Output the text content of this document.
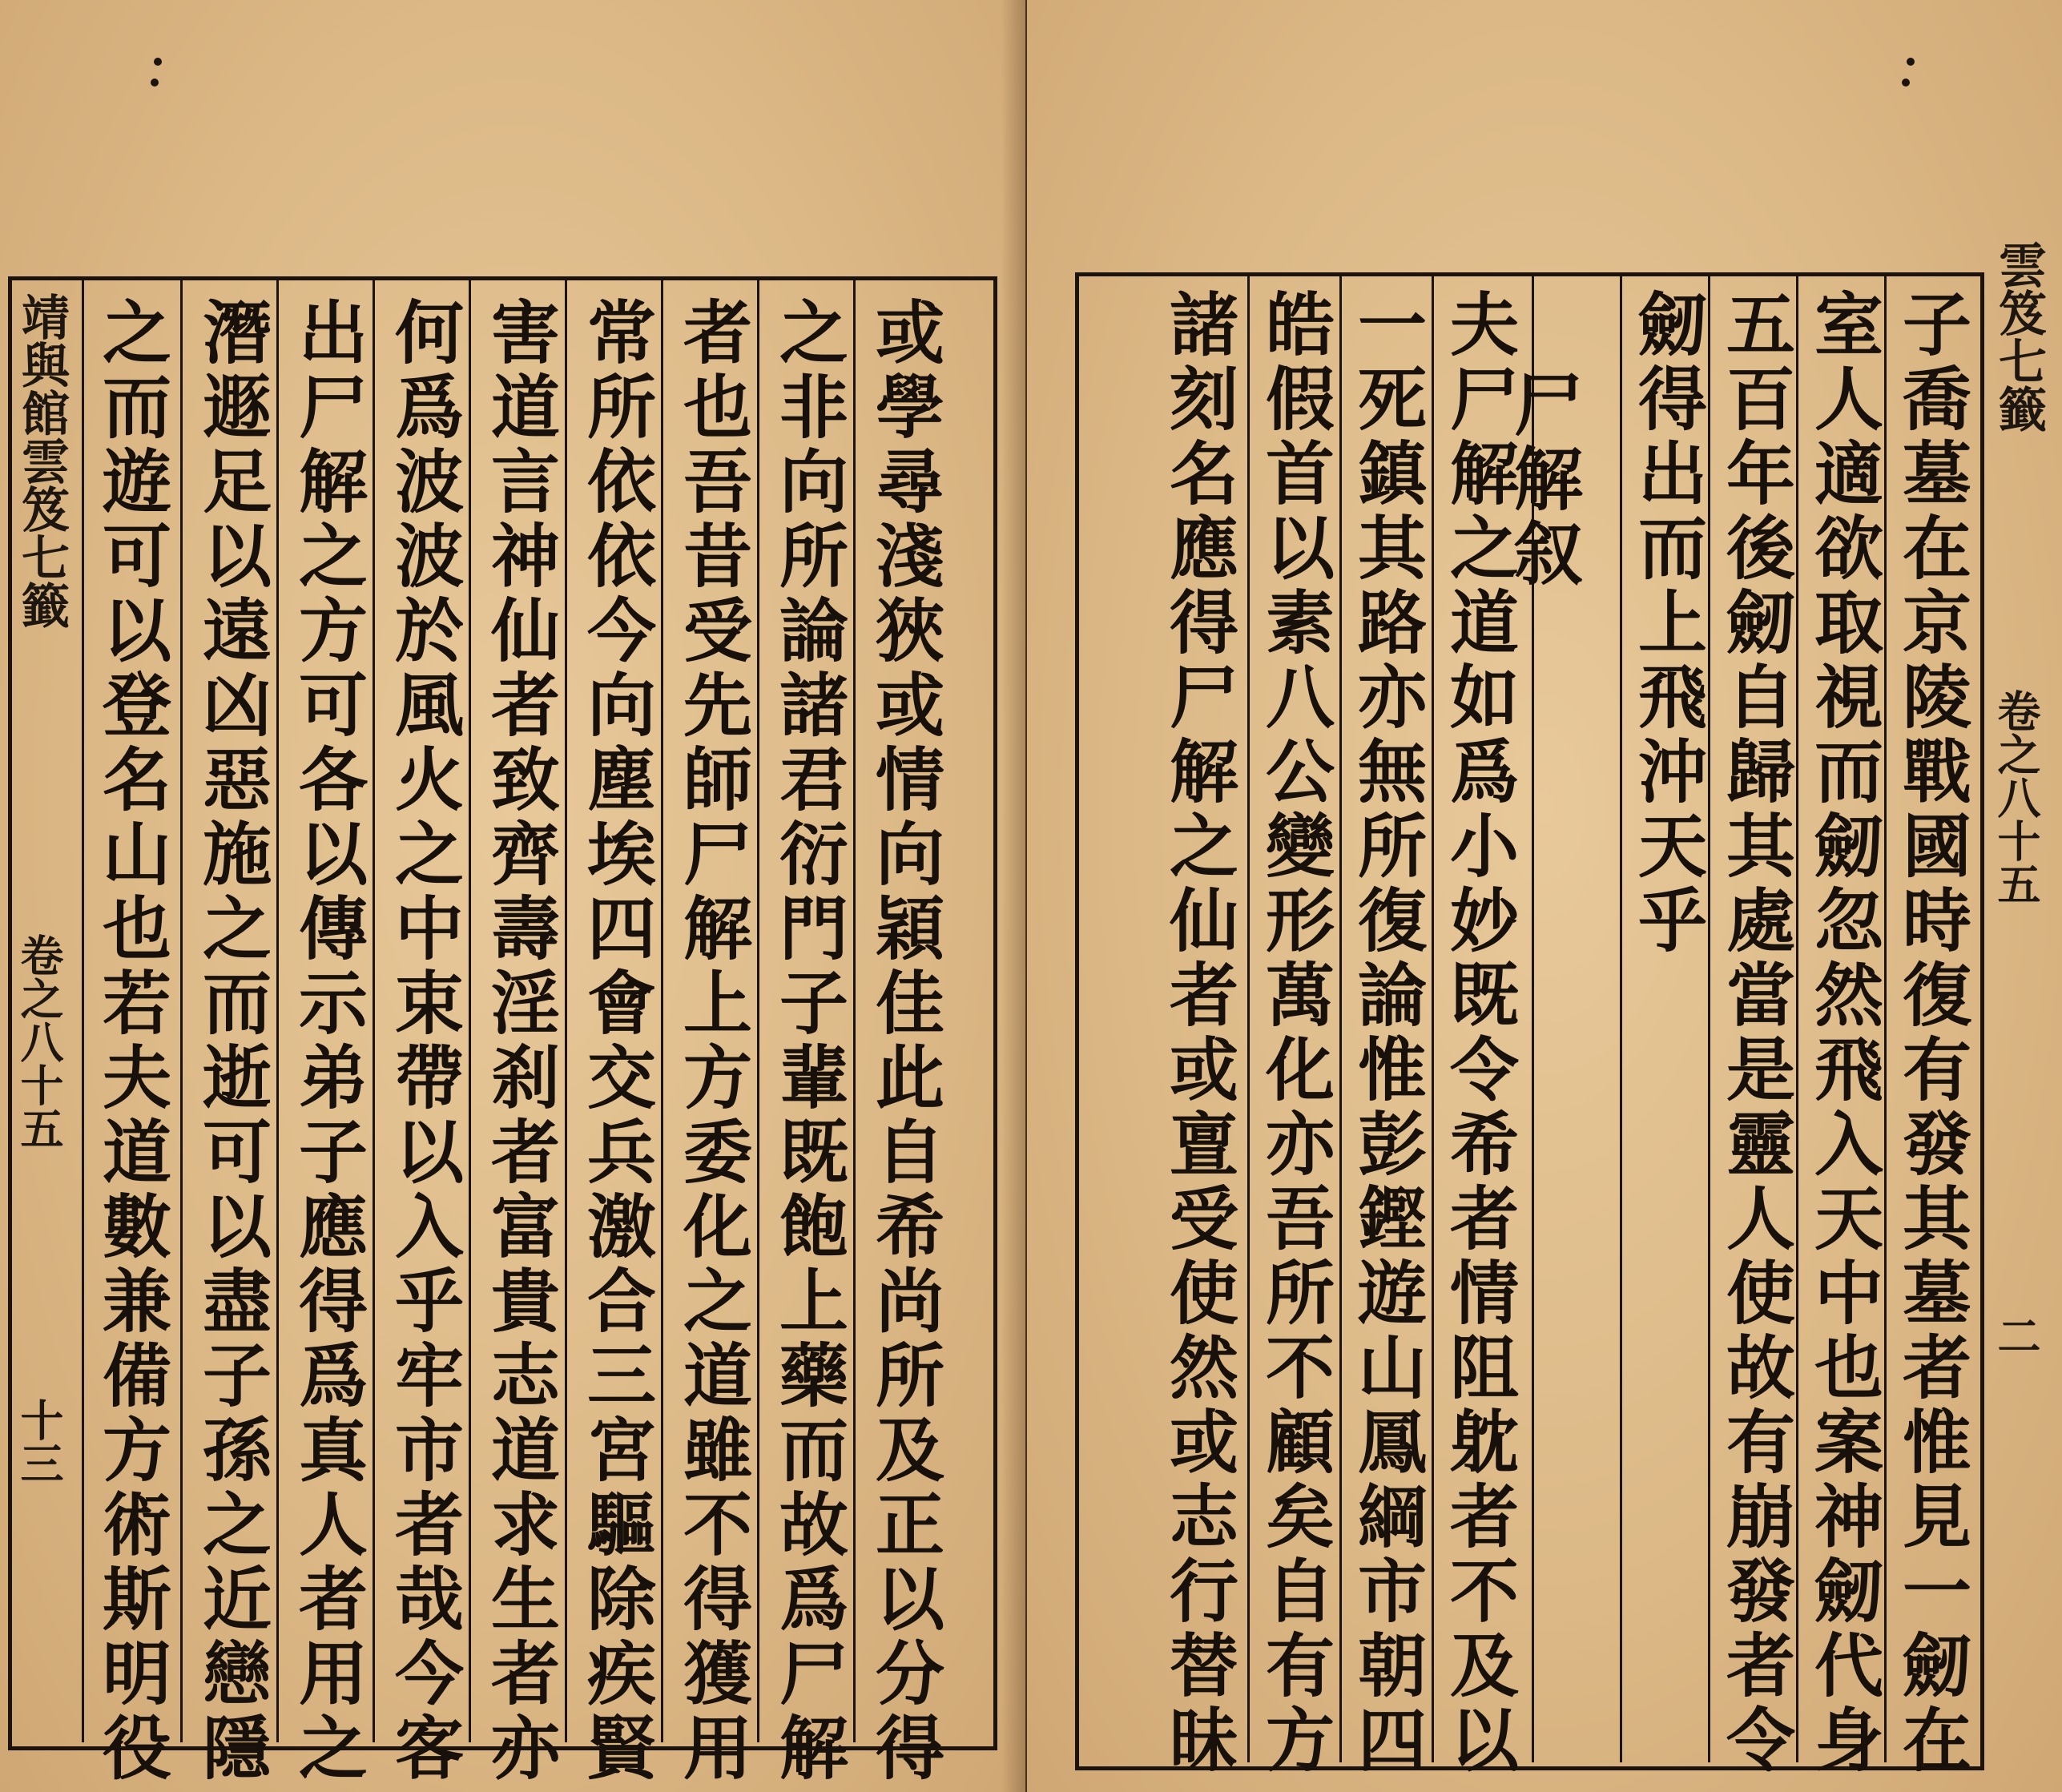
靖與館雲笈七籤
卷之八十五
十三	或學尋淺狹或情向穎佳此自希尚所及正以分得
之非向所論諸君衍門子輩既飽上藥而故爲尸解
者也吾昔受先師尸解上方委化之道雖不得獲用
常所依依今向塵埃四會交兵激合三宮驅除疾賢
害道言神仙者致齊壽淫刹者富貴志道求生者亦
何爲波波於風火之中束帶以入乎牢市者哉今客
出尸解之方可各以傳示弟子應得爲真人者用之
潛遯足以遠凶惡施之而逝可以盡子孫之近戀隱
之而遊可以登名山也若夫道數兼備方術斯明役	雲笈七籤
卷之八十五
二
子喬墓在京陵戰國時復有發其墓者惟見一劒在
室人適欲取視而劒忽然飛入天中也案神劒代身
五百年後劒自歸其處當是靈人使故有崩發者令
劒得出而上飛沖天乎
尸解叙
夫尸解之道如爲小妙既令希者情阻躭者不及以
一死鎮其路亦無所復論惟彭鏗遊山鳳綱市朝四
皓假首以素八公變形萬化亦吾所不顧矣自有方
諸刻名應得尸解之仙者或亶受使然或志行替昧
